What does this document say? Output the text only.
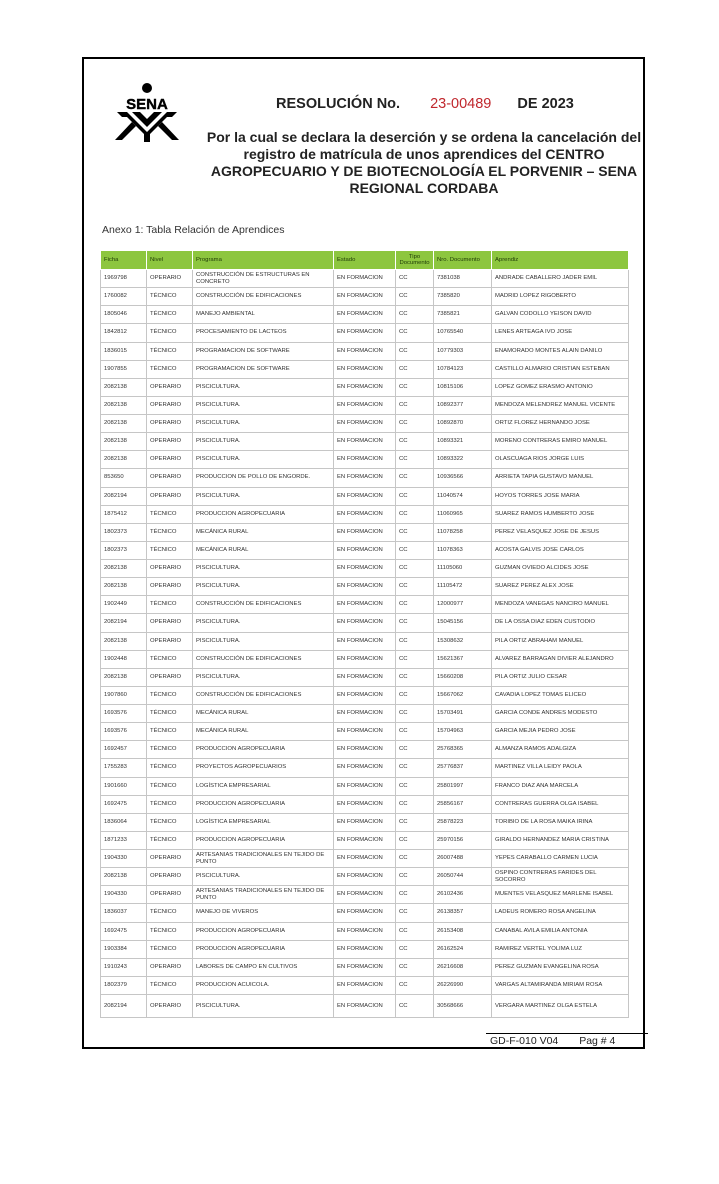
SENA	RESOLUCIÓN No. 23-00489 DE 2023
Por la cual se declara la deserción y se ordena la cancelación del registro de matrícula de unos aprendices del CENTRO AGROPECUARIO Y DE BIOTECNOLOGÍA EL PORVENIR – SENA REGIONAL CORDABA
Anexo 1: Tabla Relación de Aprendices
Ficha	Nivel	Programa	Estado	Tipo Documento	Nro. Documento	Aprendiz
1969798	OPERARIO	CONSTRUCCIÓN DE ESTRUCTURAS EN CONCRETO	EN FORMACION	CC	7381038	ANDRADE CABALLERO JADER EMIL
1760082	TÉCNICO	CONSTRUCCIÓN DE EDIFICACIONES	EN FORMACION	CC	7385820	MADRID LOPEZ RIGOBERTO
1805046	TÉCNICO	MANEJO AMBIENTAL	EN FORMACION	CC	7385821	GALVAN CODOLLO YEISON DAVID
1842812	TÉCNICO	PROCESAMIENTO DE LACTEOS	EN FORMACION	CC	10765540	LENES ARTEAGA IVO JOSE
1836015	TÉCNICO	PROGRAMACION DE SOFTWARE	EN FORMACION	CC	10779303	ENAMORADO MONTES ALAIN DANILO
1907855	TÉCNICO	PROGRAMACION DE SOFTWARE	EN FORMACION	CC	10784123	CASTILLO ALMARIO CRISTIAN ESTEBAN
2082138	OPERARIO	PISCICULTURA.	EN FORMACION	CC	10815106	LOPEZ GOMEZ ERASMO ANTONIO
2082138	OPERARIO	PISCICULTURA.	EN FORMACION	CC	10892377	MENDOZA MELENDREZ MANUEL VICENTE
2082138	OPERARIO	PISCICULTURA.	EN FORMACION	CC	10892870	ORTIZ FLOREZ HERNANDO JOSE
2082138	OPERARIO	PISCICULTURA.	EN FORMACION	CC	10893321	MORENO CONTRERAS EMIRO MANUEL
2082138	OPERARIO	PISCICULTURA.	EN FORMACION	CC	10893322	OLASCUAGA RIOS JORGE LUIS
853650	OPERARIO	PRODUCCION DE POLLO DE ENGORDE.	EN FORMACION	CC	10936566	ARRIETA TAPIA GUSTAVO MANUEL
2082194	OPERARIO	PISCICULTURA.	EN FORMACION	CC	11040574	HOYOS TORRES JOSE MARIA
1875412	TÉCNICO	PRODUCCION AGROPECUARIA	EN FORMACION	CC	11060965	SUAREZ RAMOS HUMBERTO JOSE
1802373	TÉCNICO	MECÁNICA RURAL	EN FORMACION	CC	11078258	PEREZ VELASQUEZ JOSE DE JESUS
1802373	TÉCNICO	MECÁNICA RURAL	EN FORMACION	CC	11078363	ACOSTA GALVIS JOSE CARLOS
2082138	OPERARIO	PISCICULTURA.	EN FORMACION	CC	11105060	GUZMAN OVIEDO ALCIDES JOSE
2082138	OPERARIO	PISCICULTURA.	EN FORMACION	CC	11105472	SUAREZ PEREZ ALEX JOSE
1902449	TÉCNICO	CONSTRUCCIÓN DE EDIFICACIONES	EN FORMACION	CC	12000977	MENDOZA VANEGAS NANCIRO MANUEL
2082194	OPERARIO	PISCICULTURA.	EN FORMACION	CC	15045156	DE LA OSSA DIAZ EDEN CUSTODIO
2082138	OPERARIO	PISCICULTURA.	EN FORMACION	CC	15308632	PILA ORTIZ ABRAHAM MANUEL
1902448	TÉCNICO	CONSTRUCCIÓN DE EDIFICACIONES	EN FORMACION	CC	15621367	ALVAREZ BARRAGAN DIVIER ALEJANDRO
2082138	OPERARIO	PISCICULTURA.	EN FORMACION	CC	15660208	PILA ORTIZ JULIO CESAR
1907860	TÉCNICO	CONSTRUCCIÓN DE EDIFICACIONES	EN FORMACION	CC	15667062	CAVADIA LOPEZ TOMAS ELICEO
1693576	TÉCNICO	MECÁNICA RURAL	EN FORMACION	CC	15703491	GARCIA CONDE ANDRES MODESTO
1693576	TÉCNICO	MECÁNICA RURAL	EN FORMACION	CC	15704963	GARCIA MEJIA PEDRO JOSE
1692457	TÉCNICO	PRODUCCION AGROPECUARIA	EN FORMACION	CC	25768365	ALMANZA RAMOS ADALGIZA
1755283	TÉCNICO	PROYECTOS AGROPECUARIOS	EN FORMACION	CC	25776837	MARTINEZ VILLA LEIDY PAOLA
1901660	TÉCNICO	LOGÍSTICA EMPRESARIAL	EN FORMACION	CC	25801997	FRANCO DIAZ ANA MARCELA
1692475	TÉCNICO	PRODUCCION AGROPECUARIA	EN FORMACION	CC	25856167	CONTRERAS GUERRA OLGA ISABEL
1836064	TÉCNICO	LOGÍSTICA EMPRESARIAL	EN FORMACION	CC	25878223	TORIBIO DE LA ROSA MAIKA IRINA
1871233	TÉCNICO	PRODUCCION AGROPECUARIA	EN FORMACION	CC	25970156	GIRALDO HERNANDEZ MARIA CRISTINA
1904330	OPERARIO	ARTESANIAS TRADICIONALES EN TEJIDO DE PUNTO	EN FORMACION	CC	26007488	YEPES CARABALLO CARMEN LUCIA
2082138	OPERARIO	PISCICULTURA.	EN FORMACION	CC	26050744	OSPINO CONTRERAS FARIDES DEL SOCORRO
1904330	OPERARIO	ARTESANIAS TRADICIONALES EN TEJIDO DE PUNTO	EN FORMACION	CC	26102436	MUENTES VELASQUEZ MARLENE ISABEL
1836037	TÉCNICO	MANEJO DE VIVEROS	EN FORMACION	CC	26138357	LADEUS ROMERO ROSA ANGELINA
1692475	TÉCNICO	PRODUCCION AGROPECUARIA	EN FORMACION	CC	26153408	CANABAL AVILA EMILIA ANTONIA
1903384	TÉCNICO	PRODUCCION AGROPECUARIA	EN FORMACION	CC	26162524	RAMIREZ VERTEL YOLIMA LUZ
1910243	OPERARIO	LABORES DE CAMPO EN CULTIVOS	EN FORMACION	CC	26216608	PEREZ GUZMAN EVANGELINA ROSA
1802379	TÉCNICO	PRODUCCION ACUICOLA.	EN FORMACION	CC	26226990	VARGAS ALTAMIRANDA MIRIAM ROSA
2082194	OPERARIO	PISCICULTURA.	EN FORMACION	CC	30568666	VERGARA MARTINEZ OLGA ESTELA
GD-F-010 V04 Pag # 4
